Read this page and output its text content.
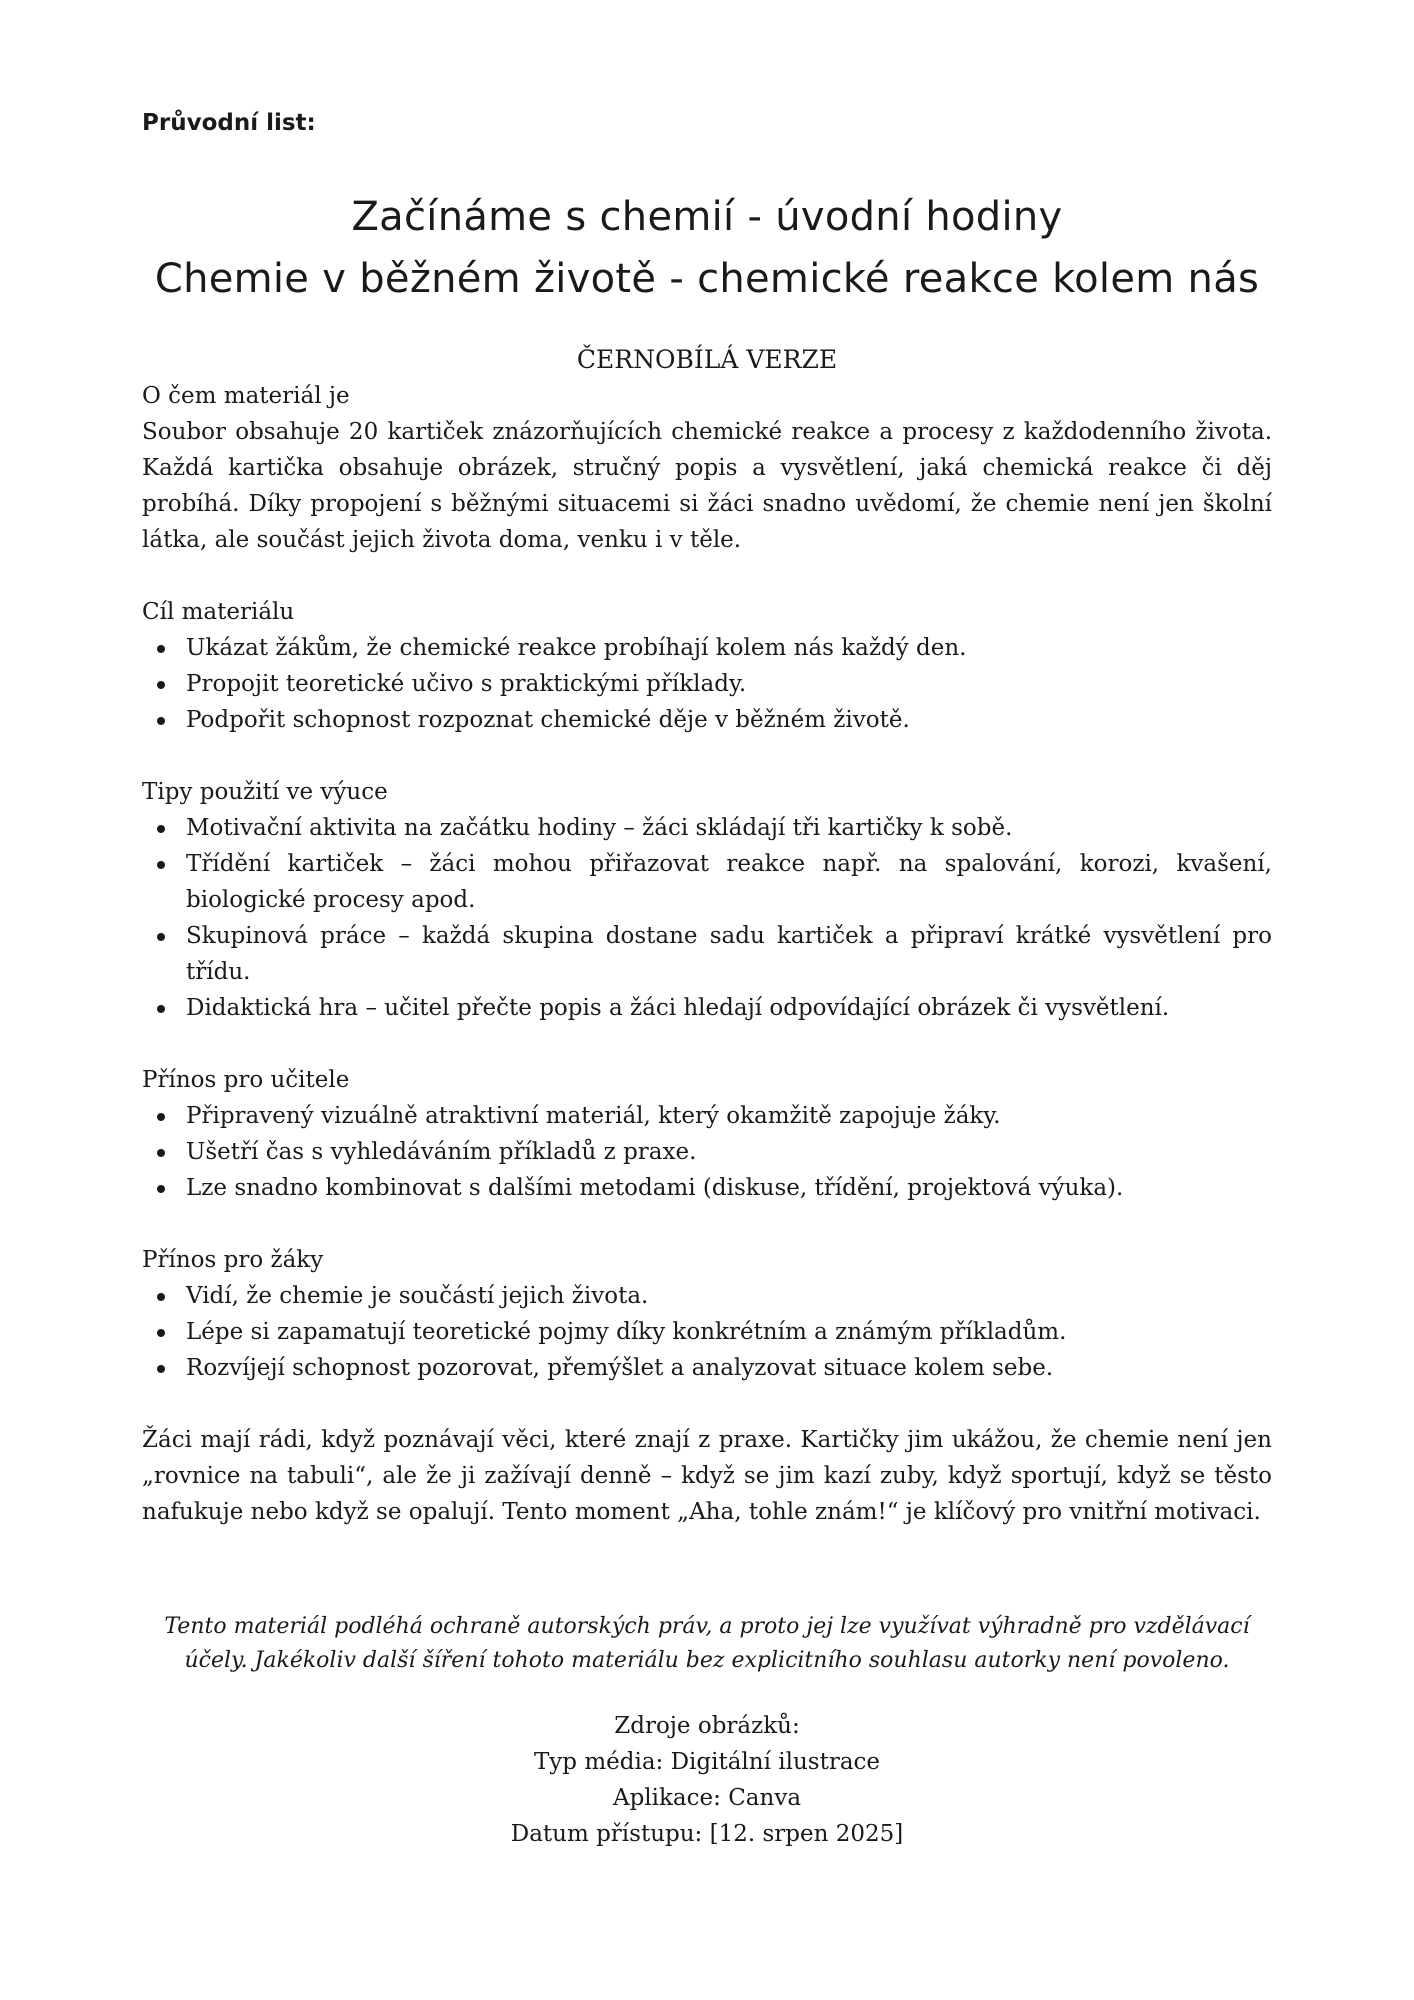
Průvodní list:
Začínáme s chemií - úvodní hodiny
Chemie v běžném životě - chemické reakce kolem nás
ČERNOBÍLÁ VERZE

O čem materiál je

Soubor obsahuje 20 kartiček znázorňujících chemické reakce a procesy z každodenního života. Každá kartička obsahuje obrázek, stručný popis a vysvětlení, jaká chemická reakce či děj probíhá. Díky propojení s běžnými situacemi si žáci snadno uvědomí, že chemie není jen školní látka, ale součást jejich života doma, venku i v těle.

Cíl materiálu

Ukázat žákům, že chemické reakce probíhají kolem nás každý den.
Propojit teoretické učivo s praktickými příklady.
Podpořit schopnost rozpoznat chemické děje v běžném životě.

Tipy použití ve výuce

Motivační aktivita na začátku hodiny – žáci skládají tři kartičky k sobě.
Třídění kartiček – žáci mohou přiřazovat reakce např. na spalování, korozi, kvašení, biologické procesy apod.
Skupinová práce – každá skupina dostane sadu kartiček a připraví krátké vysvětlení pro třídu.
Didaktická hra – učitel přečte popis a žáci hledají odpovídající obrázek či vysvětlení.

Přínos pro učitele

Připravený vizuálně atraktivní materiál, který okamžitě zapojuje žáky.
Ušetří čas s vyhledáváním příkladů z praxe.
Lze snadno kombinovat s dalšími metodami (diskuse, třídění, projektová výuka).

Přínos pro žáky

Vidí, že chemie je součástí jejich života.
Lépe si zapamatují teoretické pojmy díky konkrétním a známým příkladům.
Rozvíjejí schopnost pozorovat, přemýšlet a analyzovat situace kolem sebe.

Žáci mají rádi, když poznávají věci, které znají z praxe. Kartičky jim ukážou, že chemie není jen „rovnice na tabuli“, ale že ji zažívají denně – když se jim kazí zuby, když sportují, když se těsto nafukuje nebo když se opalují. Tento moment „Aha, tohle znám!“ je klíčový pro vnitřní motivaci.

Tento materiál podléhá ochraně autorských práv, a proto jej lze využívat výhradně pro vzdělávací
účely. Jakékoliv další šíření tohoto materiálu bez explicitního souhlasu autorky není povoleno.
Zdroje obrázků:
Typ média: Digitální ilustrace
Aplikace: Canva
Datum přístupu: [12. srpen 2025]
